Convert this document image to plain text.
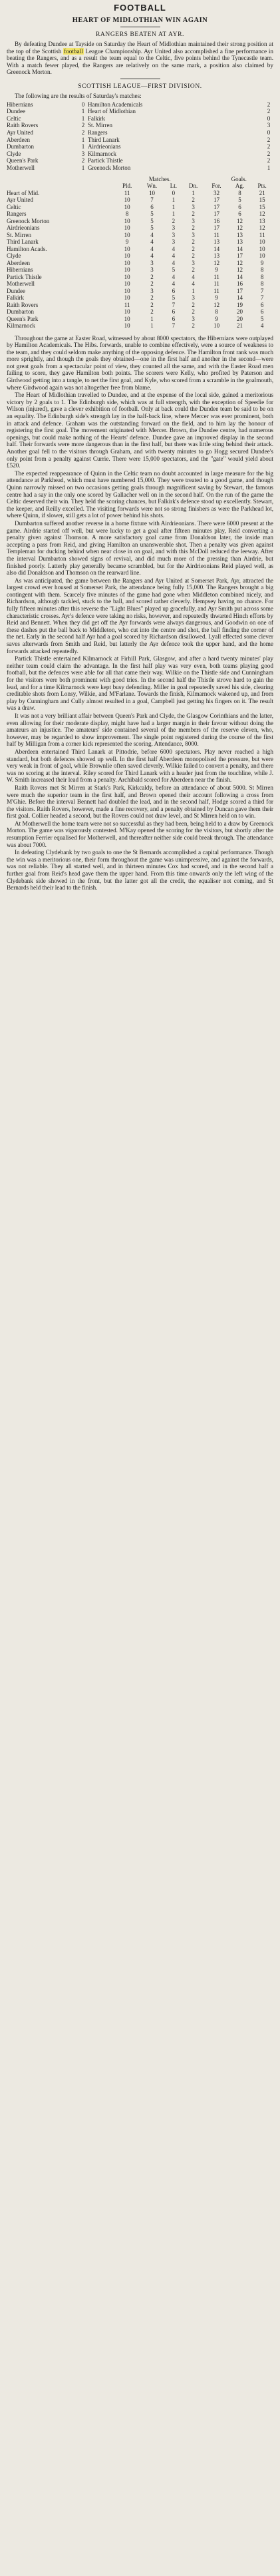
FOOTBALL
HEART OF MIDLOTHIAN WIN AGAIN
RANGERS BEATEN AT AYR.

By defeating Dundee at Tayside on Saturday the Heart of Midlothian maintained their strong position at the top of the Scottish football League Championship. Ayr United also accomplished a fine performance in beating the Rangers, and as a result the team equal to the Celtic, five points behind the Tynecastle team. With a match fewer played, the Rangers are relatively on the same mark, a position also claimed by Greenock Morton.

SCOTTISH LEAGUE—FIRST DIVISION.

The following are the results of Saturday's matches:

Hibernians	0 Hamilton Academicals	2
Dundee	1 Heart of Midlothian	2
Celtic	1 Falkirk	0
Raith Rovers	2 St. Mirren	3
Ayr United	2 Rangers	0
Aberdeen	1 Third Lanark	2
Dumbarton	1 Airdrieonians	2
Clyde	3 Kilmarnock	2
Queen's Park	2 Partick Thistle	2
Motherwell	1 Greenock Morton	1
	Matches.				Goals.		
	Pld.	Wn.	Lt.	Dn.	For.	Ag.	Pts.
Heart of Mid.	11	10	0	1	32	8	21
Ayr United	10	7	1	2	17	5	15
Celtic	10	6	1	3	17	6	15
Rangers	8	5	1	2	17	6	12
Greenock Morton	10	5	2	3	16	12	13
Airdrieonians	10	5	3	2	17	12	12
St. Mirren	10	4	3	3	11	13	11
Third Lanark	9	4	3	2	13	13	10
Hamilton Acads.	10	4	4	2	14	14	10
Clyde	10	4	4	2	13	17	10
Aberdeen	10	3	4	3	12	12	9
Hibernians	10	3	5	2	9	12	8
Partick Thistle	10	2	4	4	11	14	8
Motherwell	10	2	4	4	11	16	8
Dundee	10	3	6	1	11	17	7
Falkirk	10	2	5	3	9	14	7
Raith Rovers	11	2	7	2	12	19	6
Dumbarton	10	2	6	2	8	20	6
Queen's Park	10	1	6	3	9	20	5
Kilmarnock	10	1	7	2	10	21	4

Throughout the game at Easter Road, witnessed by about 8000 spectators, the Hibernians were outplayed by Hamilton Academicals. The Hibs. forwards, unable to combine effectively, were a source of weakness to the team, and they could seldom make anything of the opposing defence. The Hamilton front rank was much more sprightly, and though the goals they obtained—one in the first half and another in the second—were not great goals from a spectacular point of view, they counted all the same, and with the Easter Road men failing to score, they gave Hamilton both points. The scorers were Kelly, who profited by Paterson and Girdwood getting into a tangle, to net the first goal, and Kyle, who scored from a scramble in the goalmouth, where Girdwood again was not altogether free from blame.

The Heart of Midlothian travelled to Dundee, and at the expense of the local side, gained a meritorious victory by 2 goals to 1. The Edinburgh side, which was at full strength, with the exception of Speedie for Wilson (injured), gave a clever exhibition of football. Only at back could the Dundee team be said to be on an equality. The Edinburgh side's strength lay in the half-back line, where Mercer was ever prominent, both in attack and defence. Graham was the outstanding forward on the field, and to him lay the honour of registering the first goal. The movement originated with Mercer. Brown, the Dundee centre, had numerous openings, but could make nothing of the Hearts' defence. Dundee gave an improved display in the second half. Their forwards were more dangerous than in the first half, but there was little sting behind their attack. Another goal fell to the visitors through Graham, and with twenty minutes to go Hogg secured Dundee's only point from a penalty against Currie. There were 15,000 spectators, and the "gate" would yield about £520.

The expected reappearance of Quinn in the Celtic team no doubt accounted in large measure for the big attendance at Parkhead, which must have numbered 15,000. They were treated to a good game, and though Quinn narrowly missed on two occasions getting goals through magnificent saving by Stewart, the famous centre had a say in the only one scored by Gallacher well on in the second half. On the run of the game the Celtic deserved their win. They held the scoring chances, but Falkirk's defence stood up excellently. Stewart, the keeper, and Reilly excelled. The visiting forwards were not so strong finishers as were the Parkhead lot, where Quinn, if slower, still gets a lot of power behind his shots.

Dumbarton suffered another reverse in a home fixture with Airdrieonians. There were 6000 present at the game. Airdrie started off well, but were lucky to get a goal after fifteen minutes play, Reid converting a penalty given against Thomson. A more satisfactory goal came from Donaldson later, the inside man accepting a pass from Reid, and giving Hamilton an unanswerable shot. Then a penalty was given against Templeman for ducking behind when near close in on goal, and with this McDoll reduced the leeway. After the interval Dumbarton showed signs of revival, and did much more of the pressing than Airdrie, but finished poorly. Latterly play generally became scrambled, but for the Airdrieonians Reid played well, as also did Donaldson and Thomson on the rearward line.

As was anticipated, the game between the Rangers and Ayr United at Somerset Park, Ayr, attracted the largest crowd ever housed at Somerset Park, the attendance being fully 15,000. The Rangers brought a big contingent with them. Scarcely five minutes of the game had gone when Middleton combined nicely, and Richardson, although tackled, stuck to the ball, and scored rather cleverly. Hempsey having no chance. For fully fifteen minutes after this reverse the "Light Blues" played up gracefully, and Ayr Smith put across some characteristic crosses. Ayr's defence were taking no risks, however, and repeatedly thwarted Hinch efforts by Reid and Bennett. When they did get off the Ayr forwards were always dangerous, and Goodwin on one of these dashes put the ball back to Middleton, who cut into the centre and shot, the ball finding the corner of the net. Early in the second half Ayr had a goal scored by Richardson disallowed. Lyall effected some clever saves afterwards from Smith and Reid, but latterly the Ayr defence took the upper hand, and the home forwards attacked repeatedly.

Partick Thistle entertained Kilmarnock at Firhill Park, Glasgow, and after a hard twenty minutes' play neither team could claim the advantage. In the first half play was very even, both teams playing good football, but the defences were able for all that came their way. Wilkie on the Thistle side and Cunningham for the visitors were both prominent with good tries. In the second half the Thistle strove hard to gain the lead, and for a time Kilmarnock were kept busy defending. Miller in goal repeatedly saved his side, clearing creditable shots from Lonsy, Wilkie, and M'Farlane. Towards the finish, Kilmarnock wakened up, and from play by Cunningham and Cully almost resulted in a goal, Campbell just getting his fingers on it. The result was a draw.

It was not a very brilliant affair between Queen's Park and Clyde, the Glasgow Corinthians and the latter, even allowing for their moderate display, might have had a larger margin in their favour without doing the amateurs an injustice. The amateurs' side contained several of the members of the reserve eleven, who, however, may be regarded to show improvement. The single point registered during the course of the first half by Milligan from a corner kick represented the scoring. Attendance, 8000.

Aberdeen entertained Third Lanark at Pittodrie, before 6000 spectators. Play never reached a high standard, but both defences showed up well. In the first half Aberdeen monopolised the pressure, but were very weak in front of goal, while Brownlie often saved cleverly. Wilkie failed to convert a penalty, and there was no scoring at the interval. Riley scored for Third Lanark with a header just from the touchline, while J. W. Smith increased their lead from a penalty. Archibald scored for Aberdeen near the finish.

Raith Rovers met St Mirren at Stark's Park, Kirkcaldy, before an attendance of about 5000. St Mirren were much the superior team in the first half, and Brown opened their account following a cross from M'Ghie. Before the interval Bennett had doubled the lead, and in the second half, Hodge scored a third for the visitors. Raith Rovers, however, made a fine recovery, and a penalty obtained by Duncan gave them their first goal. Collier headed a second, but the Rovers could not draw level, and St Mirren held on to win.

At Motherwell the home team were not so successful as they had been, being held to a draw by Greenock Morton. The game was vigorously contested. M'Kay opened the scoring for the visitors, but shortly after the resumption Ferrier equalised for Motherwell, and thereafter neither side could break through. The attendance was about 7000.

In defeating Clydebank by two goals to one the St Bernards accomplished a capital performance. Though the win was a meritorious one, their form throughout the game was unimpressive, and against the forwards, was not reliable. They all started well, and in thirteen minutes Cox had scored, and in the second half a further goal from Reid's head gave them the upper hand. From this time onwards only the left wing of the Clydebank side showed in the front, but the latter got all the credit, the equaliser not coming, and St Bernards held their lead to the finish.
